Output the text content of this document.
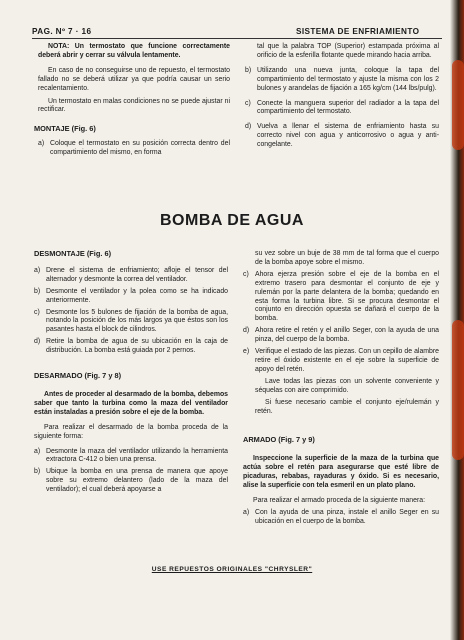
PAG. Nº 7 · 16	SISTEMA DE ENFRIAMIENTO

NOTA: Un termostato que funcione correctamente deberá abrir y cerrar su válvula lentamente.

En caso de no conseguirse uno de repuesto, el termostato fallado no se deberá utilizar ya que podría causar un serio recalentamiento.

Un termostato en malas condiciones no se puede ajustar ni rectificar.

MONTAJE (Fig. 6)
a) Coloque el termostato en su posición correcta dentro del compartimiento del mismo, en forma

tal que la palabra TOP (Superior) estampada próxima al orificio de la esferilla flotante quede mirando hacia arriba.

b) Utilizando una nueva junta, coloque la tapa del compartimiento del termostato y ajuste la misma con los 2 bulones y arandelas de fijación a 165 kg/cm (144 lbs/pulg).
c) Conecte la manguera superior del radiador a la tapa del compartimiento del termostato.
d) Vuelva a llenar el sistema de enfriamiento hasta su correcto nivel con agua y anticorrosivo o agua y anti-congelante.
BOMBA DE AGUA
DESMONTAJE (Fig. 6)
a) Drene el sistema de enfriamiento; afloje el tensor del alternador y desmonte la correa del ventilador.
b) Desmonte el ventilador y la polea como se ha indicado anteriormente.
c) Desmonte los 5 bulones de fijación de la bomba de agua, notando la posición de los más largos ya que éstos son los pasantes hasta el block de cilindros.
d) Retire la bomba de agua de su ubicación en la caja de distribución. La bomba está guiada por 2 pernos.
DESARMADO (Fig. 7 y 8)

Antes de proceder al desarmado de la bomba, debemos saber que tanto la turbina como la maza del ventilador están instaladas a presión sobre el eje de la bomba.

Para realizar el desarmado de la bomba proceda de la siguiente forma:

a) Desmonte la maza del ventilador utilizando la herramienta extractora C-412 o bien una prensa.
b) Ubique la bomba en una prensa de manera que apoye sobre su extremo delantero (lado de la maza del ventilador); el cual deberá apoyarse a

su vez sobre un buje de 38 mm de tal forma que el cuerpo de la bomba apoye sobre el mismo.

c) Ahora ejerza presión sobre el eje de la bomba en el extremo trasero para desmontar el conjunto de eje y rulemán por la parte delantera de la bomba; quedando en esta forma la turbina libre. Si se procura desmontar el conjunto en dirección opuesta se dañará el cuerpo de la bomba.
d) Ahora retire el retén y el anillo Seger, con la ayuda de una pinza, del cuerpo de la bomba.
e) Verifique el estado de las piezas. Con un cepillo de alambre retire el óxido existente en el eje sobre la superficie de apoyo del retén.

Lave todas las piezas con un solvente conveniente y séquelas con aire comprimido.

Si fuese necesario cambie el conjunto eje/rulemán y retén.

ARMADO (Fig. 7 y 9)

Inspeccione la superficie de la maza de la turbina que actúa sobre el retén para asegurarse que esté libre de picaduras, rebabas, rayaduras y óxido. Si es necesario, alise la superficie con tela esmeril en un plato plano.

Para realizar el armado proceda de la siguiente manera:

a) Con la ayuda de una pinza, instale el anillo Seger en su ubicación en el cuerpo de la bomba.
USE REPUESTOS ORIGINALES "CHRYSLER"
